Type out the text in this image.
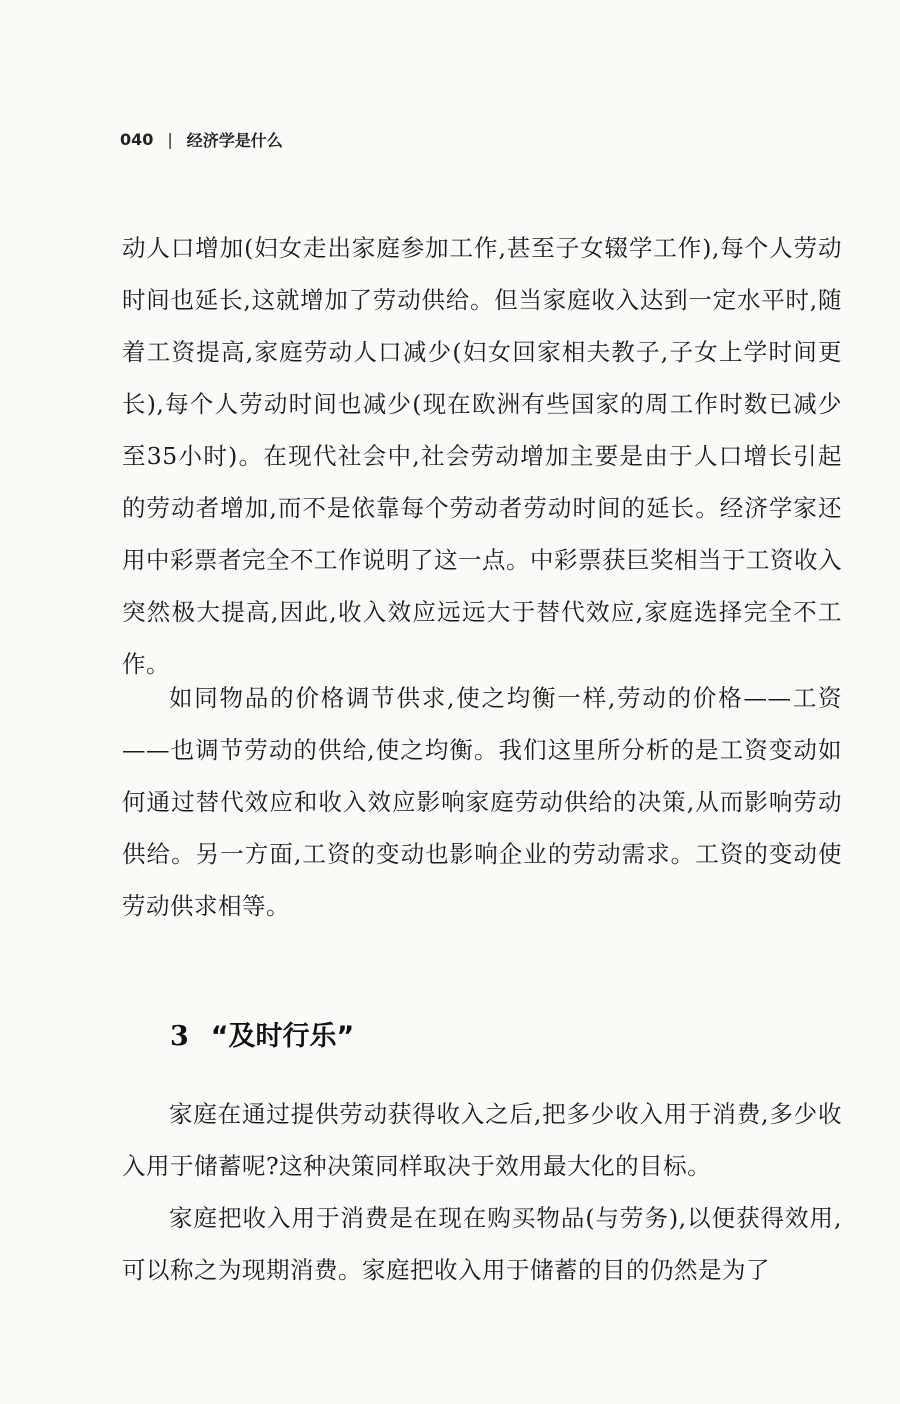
040 | 经济学是什么

动人口增加(妇女走出家庭参加工作,甚至子女辍学工作),每个人劳动时间也延长,这就增加了劳动供给。但当家庭收入达到一定水平时,随着工资提高,家庭劳动人口减少(妇女回家相夫教子,子女上学时间更长),每个人劳动时间也减少(现在欧洲有些国家的周工作时数已减少至35小时)。在现代社会中,社会劳动增加主要是由于人口增长引起的劳动者增加,而不是依靠每个劳动者劳动时间的延长。经济学家还用中彩票者完全不工作说明了这一点。中彩票获巨奖相当于工资收入突然极大提高,因此,收入效应远远大于替代效应,家庭选择完全不工作。

如同物品的价格调节供求,使之均衡一样,劳动的价格——工资——也调节劳动的供给,使之均衡。我们这里所分析的是工资变动如何通过替代效应和收入效应影响家庭劳动供给的决策,从而影响劳动供给。另一方面,工资的变动也影响企业的劳动需求。工资的变动使劳动供求相等。

3 “及时行乐”

家庭在通过提供劳动获得收入之后,把多少收入用于消费,多少收入用于储蓄呢?这种决策同样取决于效用最大化的目标。

家庭把收入用于消费是在现在购买物品(与劳务),以便获得效用,可以称之为现期消费。家庭把收入用于储蓄的目的仍然是为了
